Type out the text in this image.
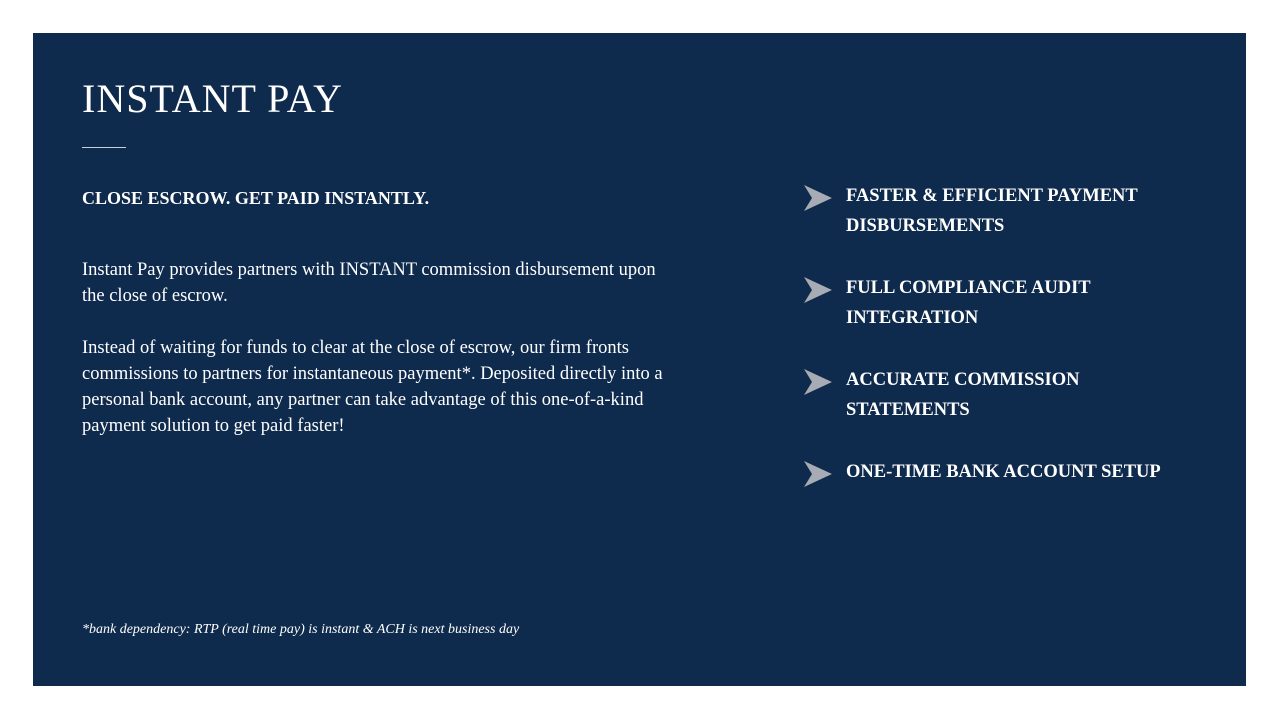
INSTANT PAY
CLOSE ESCROW. GET PAID INSTANTLY.

Instant Pay provides partners with INSTANT commission disbursement upon the close of escrow.

Instead of waiting for funds to clear at the close of escrow, our firm fronts commissions to partners for instantaneous payment*. Deposited directly into a personal bank account, any partner can take advantage of this one-of-a-kind payment solution to get paid faster!

*bank dependency: RTP (real time pay) is instant & ACH is next business day

FASTER & EFFICIENT PAYMENT DISBURSEMENTS
FULL COMPLIANCE AUDIT INTEGRATION
ACCURATE COMMISSION STATEMENTS
ONE-TIME BANK ACCOUNT SETUP
